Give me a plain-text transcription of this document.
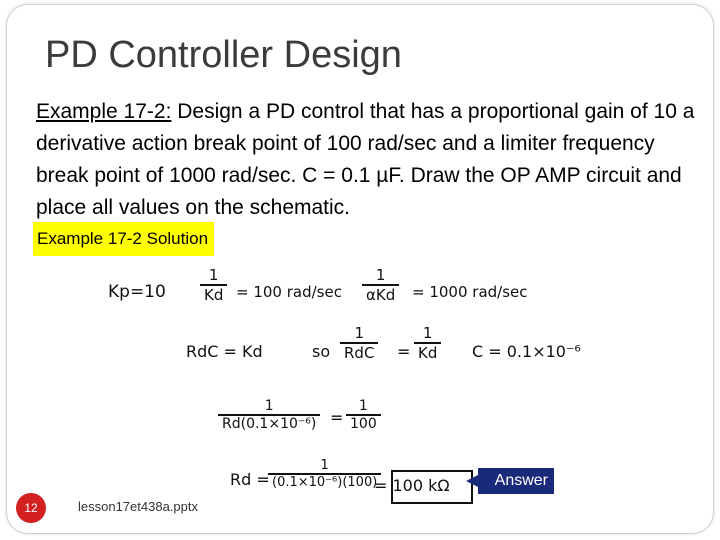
PD Controller Design
Example 17-2: Design a PD control that has a proportional gain of 10 a derivative action break point of 100 rad/sec and a limiter frequency break point of 1000 rad/sec. C = 0.1 µF. Draw the OP AMP circuit and place all values on the schematic.
Example 17-2 Solution
$Kp=10 \frac{1}{Kd} = 100$ rad/sec
1
αKd = 1000 rad/sec
RdC = Kd	so
1
RdC = $\frac{1}{Kd}$ C = 0.1×10⁻⁶
$\frac{1}{\text{Rd(0.1×10⁻⁶)}} = \frac{1}{100}$
Rd =
$\frac{1}{\text{(0.1×10⁻⁶)(100)}}$
= 100 kΩ	Answer
12	lesson17et438a.pptx
